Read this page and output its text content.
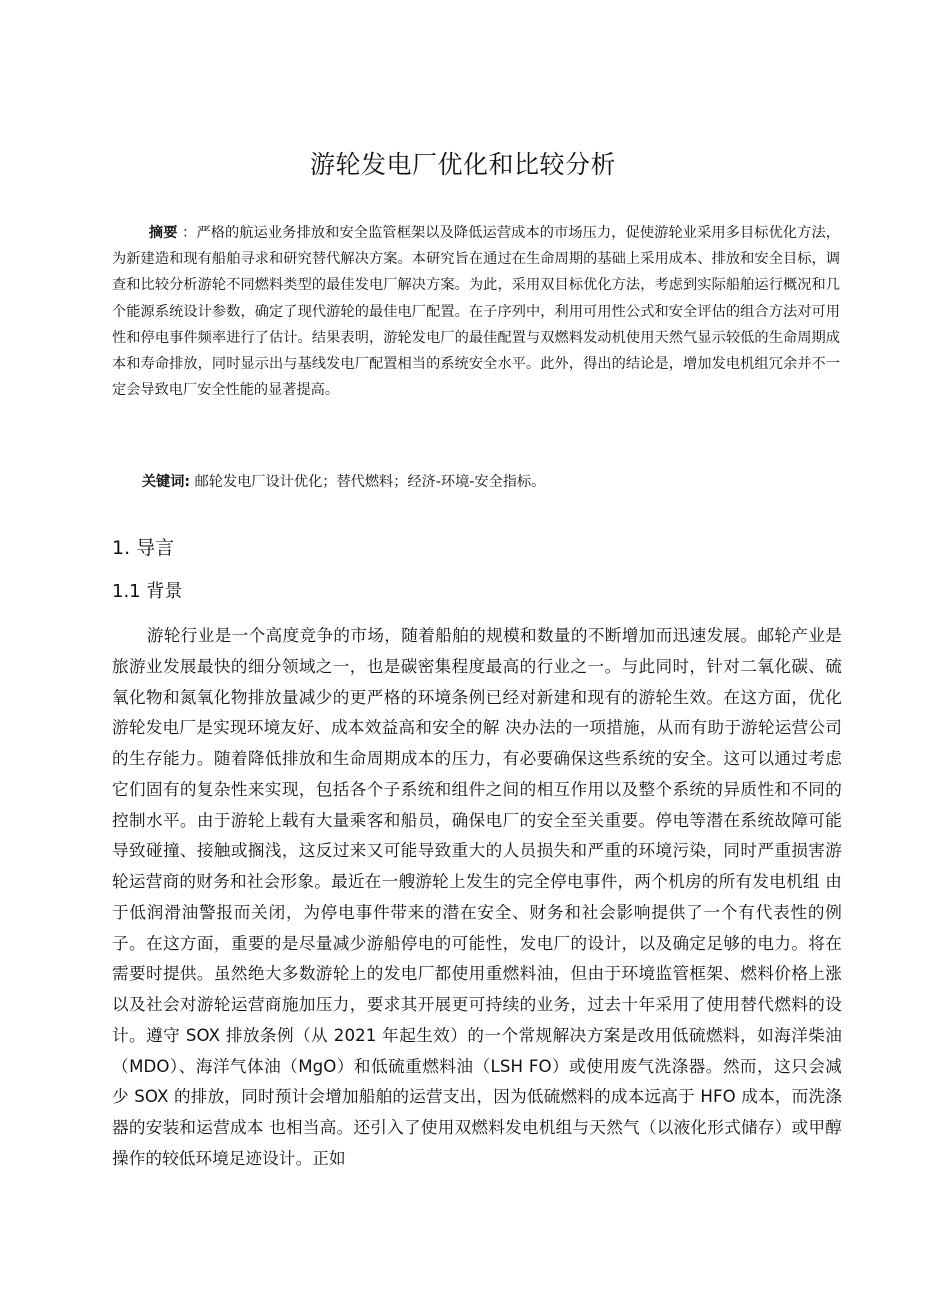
游轮发电厂优化和比较分析

摘要 ：严格的航运业务排放和安全监管框架以及降低运营成本的市场压力，促使游轮业采用多目标优化方法，为新建造和现有船舶寻求和研究替代解决方案。本研究旨在通过在生命周期的基础上采用成本、排放和安全目标，调查和比较分析游轮不同燃料类型的最佳发电厂解决方案。为此，采用双目标优化方法，考虑到实际船舶运行概况和几个能源系统设计参数，确定了现代游轮的最佳电厂配置。在子序列中，利用可用性公式和安全评估的组合方法对可用性和停电事件频率进行了估计。结果表明，游轮发电厂的最佳配置与双燃料发动机使用天然气显示较低的生命周期成本和寿命排放，同时显示出与基线发电厂配置相当的系统安全水平。此外，得出的结论是，增加发电机组冗余并不一定会导致电厂安全性能的显著提高。

关键词: 邮轮发电厂设计优化；替代燃料；经济-环境-安全指标。

1. 导言
1.1 背景

游轮行业是一个高度竞争的市场，随着船舶的规模和数量的不断增加而迅速发展。邮轮产业是旅游业发展最快的细分领域之一，也是碳密集程度最高的行业之一。与此同时，针对二氧化碳、硫氧化物和氮氧化物排放量减少的更严格的环境条例已经对新建和现有的游轮生效。在这方面，优化游轮发电厂是实现环境友好、成本效益高和安全的解 决办法的一项措施，从而有助于游轮运营公司的生存能力。随着降低排放和生命周期成本的压力，有必要确保这些系统的安全。这可以通过考虑它们固有的复杂性来实现，包括各个子系统和组件之间的相互作用以及整个系统的异质性和不同的控制水平。由于游轮上载有大量乘客和船员，确保电厂的安全至关重要。停电等潜在系统故障可能导致碰撞、接触或搁浅，这反过来又可能导致重大的人员损失和严重的环境污染，同时严重损害游轮运营商的财务和社会形象。最近在一艘游轮上发生的完全停电事件，两个机房的所有发电机组 由于低润滑油警报而关闭，为停电事件带来的潜在安全、财务和社会影响提供了一个有代表性的例子。在这方面，重要的是尽量减少游船停电的可能性，发电厂的设计，以及确定足够的电力。将在需要时提供。虽然绝大多数游轮上的发电厂都使用重燃料油，但由于环境监管框架、燃料价格上涨以及社会对游轮运营商施加压力，要求其开展更可持续的业务，过去十年采用了使用替代燃料的设计。遵守 SOX 排放条例（从 2021 年起生效）的一个常规解决方案是改用低硫燃料，如海洋柴油（MDO）、海洋气体油（MgO）和低硫重燃料油（LSH FO）或使用废气洗涤器。然而，这只会减少 SOX 的排放，同时预计会增加船舶的运营支出，因为低硫燃料的成本远高于 HFO 成本，而洗涤器的安装和运营成本 也相当高。还引入了使用双燃料发电机组与天然气（以液化形式储存）或甲醇操作的较低环境足迹设计。正如
